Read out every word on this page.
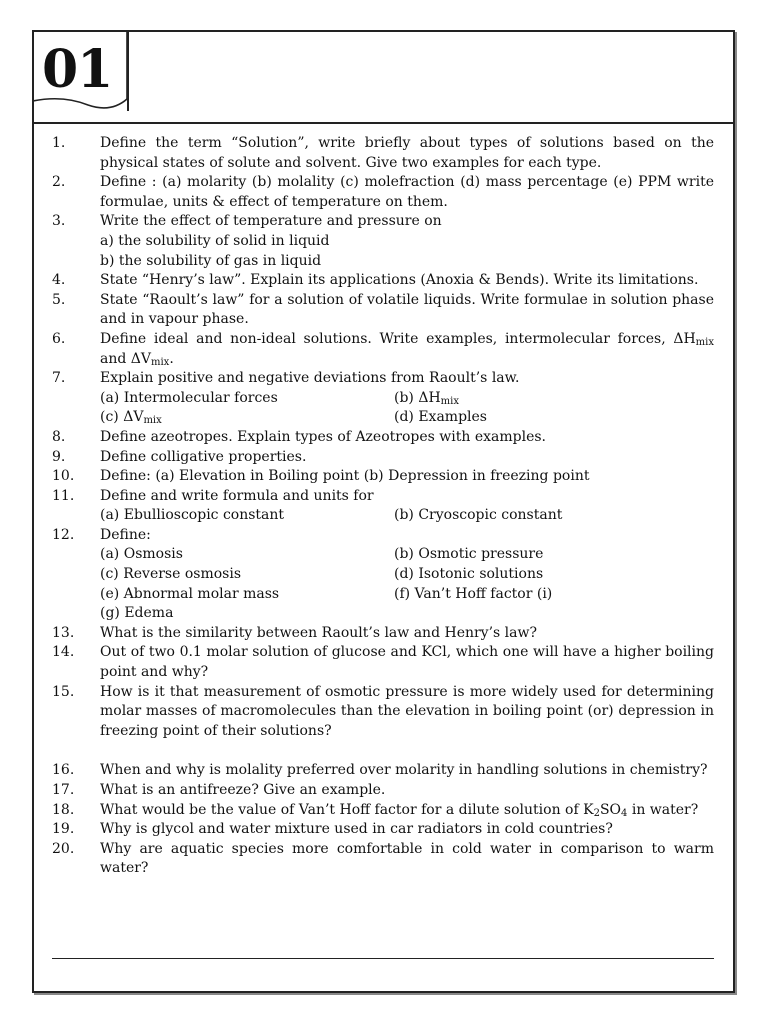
01
1.	Define the term “Solution”, write briefly about types of solutions based on the physical states of solute and solvent. Give two examples for each type.
2.	Define : (a) molarity (b) molality (c) molefraction (d) mass percentage (e) PPM write formulae, units & effect of temperature on them.
3.	Write the effect of temperature and pressure on
a) the solubility of solid in liquid
b) the solubility of gas in liquid
4.	State “Henry’s law”. Explain its applications (Anoxia & Bends). Write its limitations.
5.	State “Raoult’s law” for a solution of volatile liquids. Write formulae in solution phase and in vapour phase.
6.	Define ideal and non-ideal solutions. Write examples, intermolecular forces, $\Delta H_{mix}$ and $\Delta V_{mix}$.
7.	Explain positive and negative deviations from Raoult’s law.
(a) Intermolecular forces	(b) $\Delta H_{mix}$
(c) $\Delta V_{mix}$	(d) Examples
8.	Define azeotropes. Explain types of Azeotropes with examples.
9.	Define colligative properties.
10.	Define: (a) Elevation in Boiling point (b) Depression in freezing point
11.	Define and write formula and units for
(a) Ebullioscopic constant	(b) Cryoscopic constant
12.	Define:
(a) Osmosis	(b) Osmotic pressure
(c) Reverse osmosis	(d) Isotonic solutions
(e) Abnormal molar mass	(f) Van’t Hoff factor (i)
(g) Edema
13.	What is the similarity between Raoult’s law and Henry’s law?
14.	Out of two 0.1 molar solution of glucose and KCl, which one will have a higher boiling point and why?
15.	How is it that measurement of osmotic pressure is more widely used for determining molar masses of macromolecules than the elevation in boiling point (or) depression in freezing point of their solutions?
16.	When and why is molality preferred over molarity in handling solutions in chemistry?
17.	What is an antifreeze? Give an example.
18.	What would be the value of Van’t Hoff factor for a dilute solution of $K_2SO_4$ in water?
19.	Why is glycol and water mixture used in car radiators in cold countries?
20.	Why are aquatic species more comfortable in cold water in comparison to warm water?
